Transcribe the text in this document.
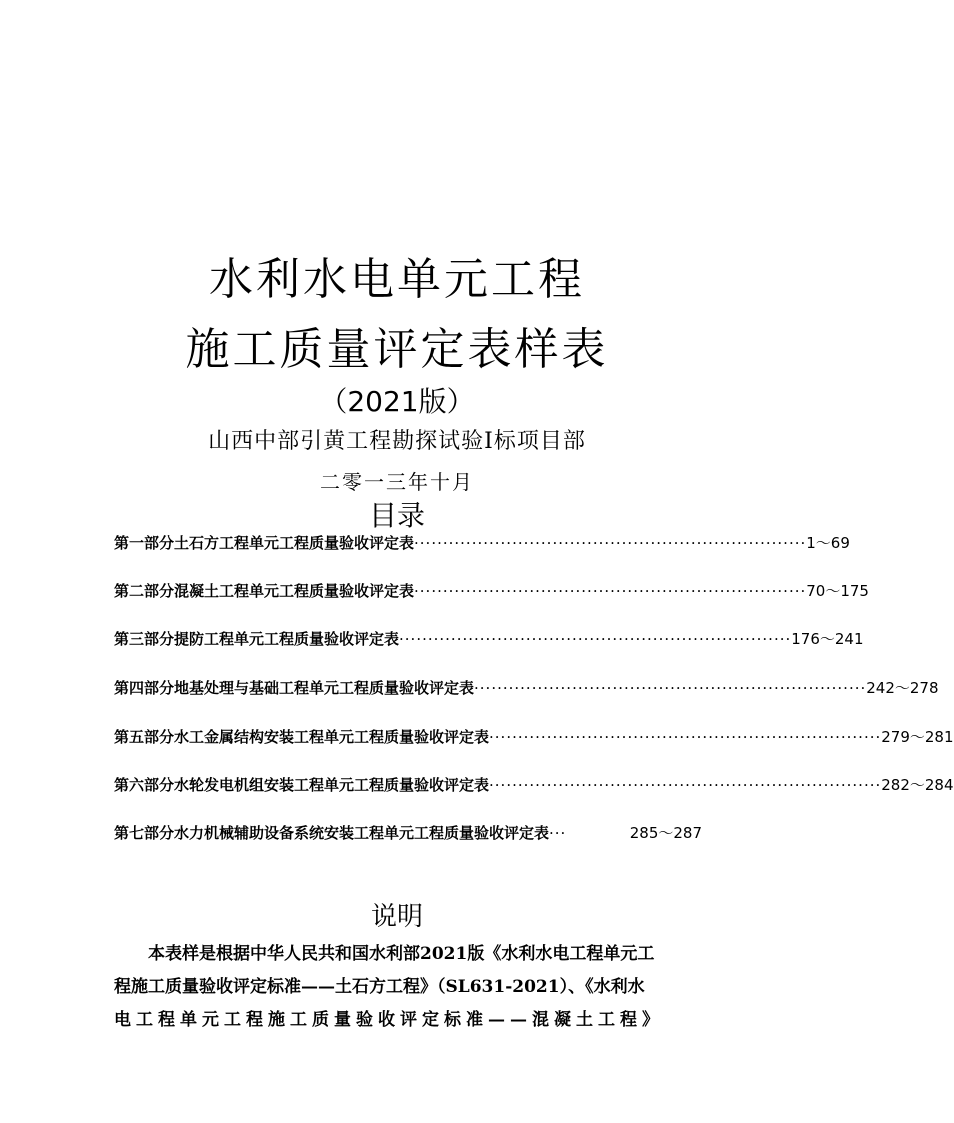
水利水电单元工程
施工质量评定表样表
（2021版）
山西中部引黄工程勘探试验Ⅰ标项目部
二零一三年十月
目录
第一部分土石方工程单元工程质量验收评定表 ···································································· 1～69
第二部分混凝土工程单元工程质量验收评定表 ···································································· 70～175
第三部分提防工程单元工程质量验收评定表 ···································································· 176～241
第四部分地基处理与基础工程单元工程质量验收评定表 ···································································· 242～278
第五部分水工金属结构安装工程单元工程质量验收评定表 ···································································· 279～281
第六部分水轮发电机组安装工程单元工程质量验收评定表 ···································································· 282～284
第七部分水力机械辅助设备系统安装工程单元工程质量验收评定表 ···	285～287
说明
本表样是根据中华人民共和国水利部2021版《水利水电工程单元工
程施工质量验收评定标准——土石方工程》（SL631-2021）、《水利水
电工程单元工程施工质量验收评定标准——混凝土工程》
